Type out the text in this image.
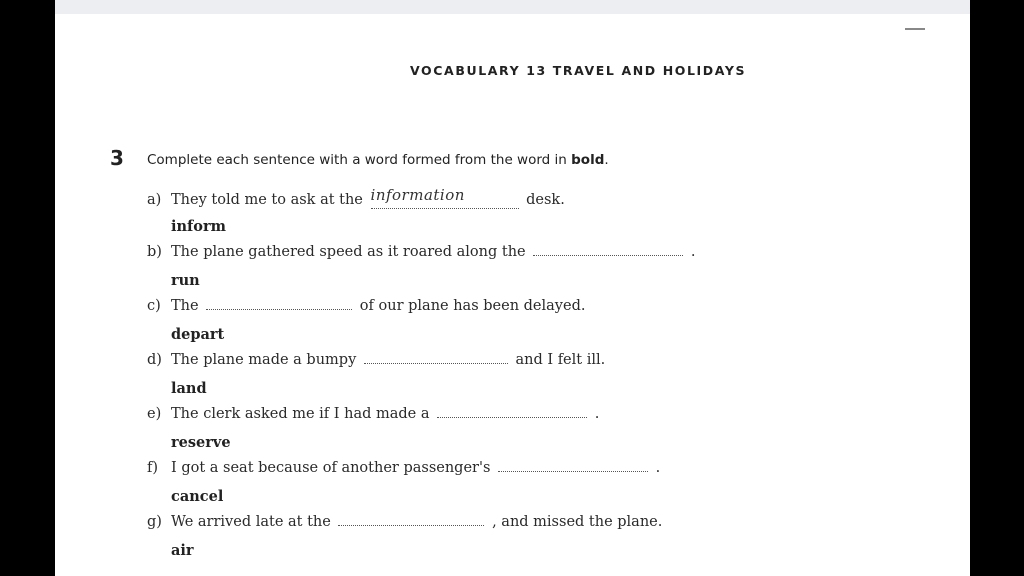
VOCABULARY 13 TRAVEL AND HOLIDAYS
3 Complete each sentence with a word formed from the word in bold.
a) They told me to ask at the information	desk.
inform
b) The plane gathered speed as it roared along the	.
run
c) The	of our plane has been delayed.
depart
d) The plane made a bumpy	and I felt ill.
land
e) The clerk asked me if I had made a	.
reserve
f) I got a seat because of another passenger's	.
cancel
g) We arrived late at the	, and missed the plane.
air
